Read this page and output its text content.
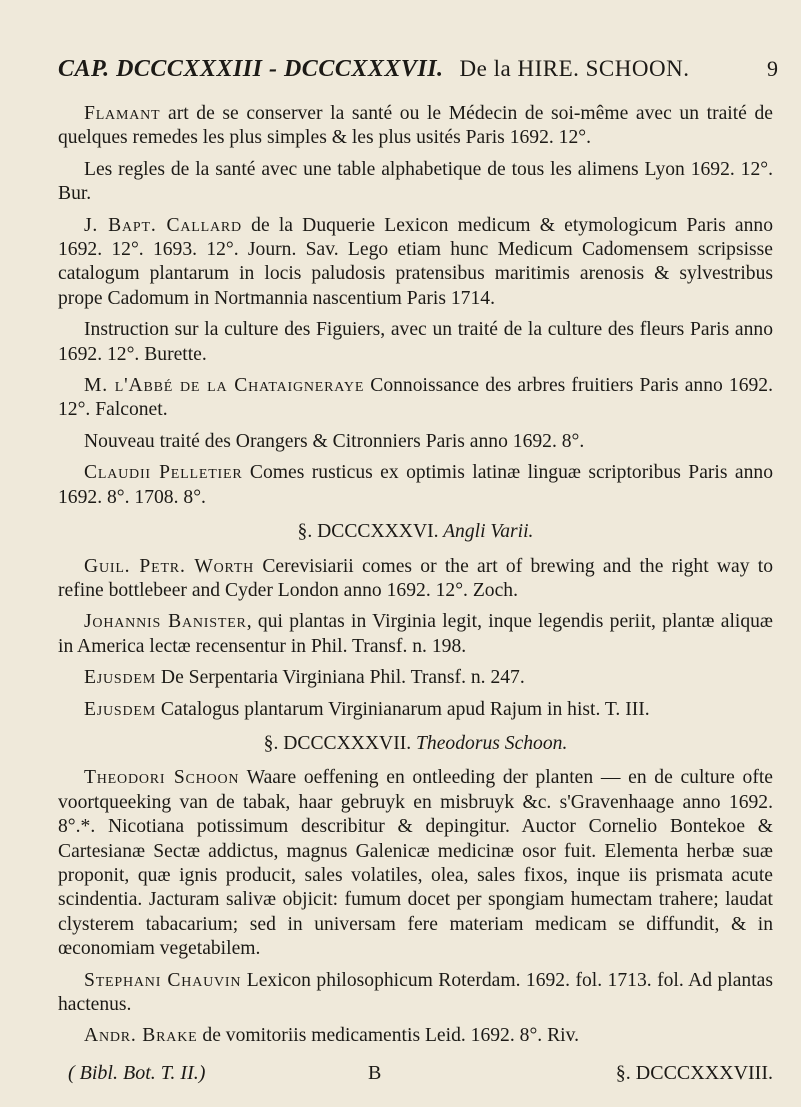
CAP. DCCCXXXIII - DCCCXXXVII. De la HIRE. SCHOON.	9

Flamant art de se conserver la santé ou le Médecin de soi-même avec un traité de quelques remedes les plus simples & les plus usités Paris 1692. 12°.

Les regles de la santé avec une table alphabetique de tous les alimens Lyon 1692. 12°. Bur.

J. Bapt. Callard de la Duquerie Lexicon medicum & etymologicum Paris anno 1692. 12°. 1693. 12°. Journ. Sav. Lego etiam hunc Medicum Cadomensem scripsisse catalogum plantarum in locis paludosis pratensibus maritimis arenosis & sylvestribus prope Cadomum in Nortmannia nascentium Paris 1714.

Instruction sur la culture des Figuiers, avec un traité de la culture des fleurs Paris anno 1692. 12°. Burette.

M. l'Abbé de la Chataigneraye Connoissance des arbres fruitiers Paris anno 1692. 12°. Falconet.

Nouveau traité des Orangers & Citronniers Paris anno 1692. 8°.

Claudii Pelletier Comes rusticus ex optimis latinæ linguæ scriptoribus Paris anno 1692. 8°. 1708. 8°.

§. DCCCXXXVI. Angli Varii.

Guil. Petr. Worth Cerevisiarii comes or the art of brewing and the right way to refine bottlebeer and Cyder London anno 1692. 12°. Zoch.

Johannis Banister, qui plantas in Virginia legit, inque legendis periit, plantæ aliquæ in America lectæ recensentur in Phil. Transf. n. 198.

Ejusdem De Serpentaria Virginiana Phil. Transf. n. 247.

Ejusdem Catalogus plantarum Virginianarum apud Rajum in hist. T. III.

§. DCCCXXXVII. Theodorus Schoon.

Theodori Schoon Waare oeffening en ontleeding der planten — en de culture ofte voortqueeking van de tabak, haar gebruyk en misbruyk &c. s'Gravenhaage anno 1692. 8°.*. Nicotiana potissimum describitur & depingitur. Auctor Cornelio Bontekoe & Cartesianæ Sectæ addictus, magnus Galenicæ medicinæ osor fuit. Elementa herbæ suæ proponit, quæ ignis producit, sales volatiles, olea, sales fixos, inque iis prismata acute scindentia. Jacturam salivæ objicit: fumum docet per spongiam humectam trahere; laudat clysterem tabacarium; sed in universam fere materiam medicam se diffundit, & in œconomiam vegetabilem.

Stephani Chauvin Lexicon philosophicum Roterdam. 1692. fol. 1713. fol. Ad plantas hactenus.

Andr. Brake de vomitoriis medicamentis Leid. 1692. 8°. Riv.

( Bibl. Bot. T. II.)	B	§. DCCCXXXVIII.
